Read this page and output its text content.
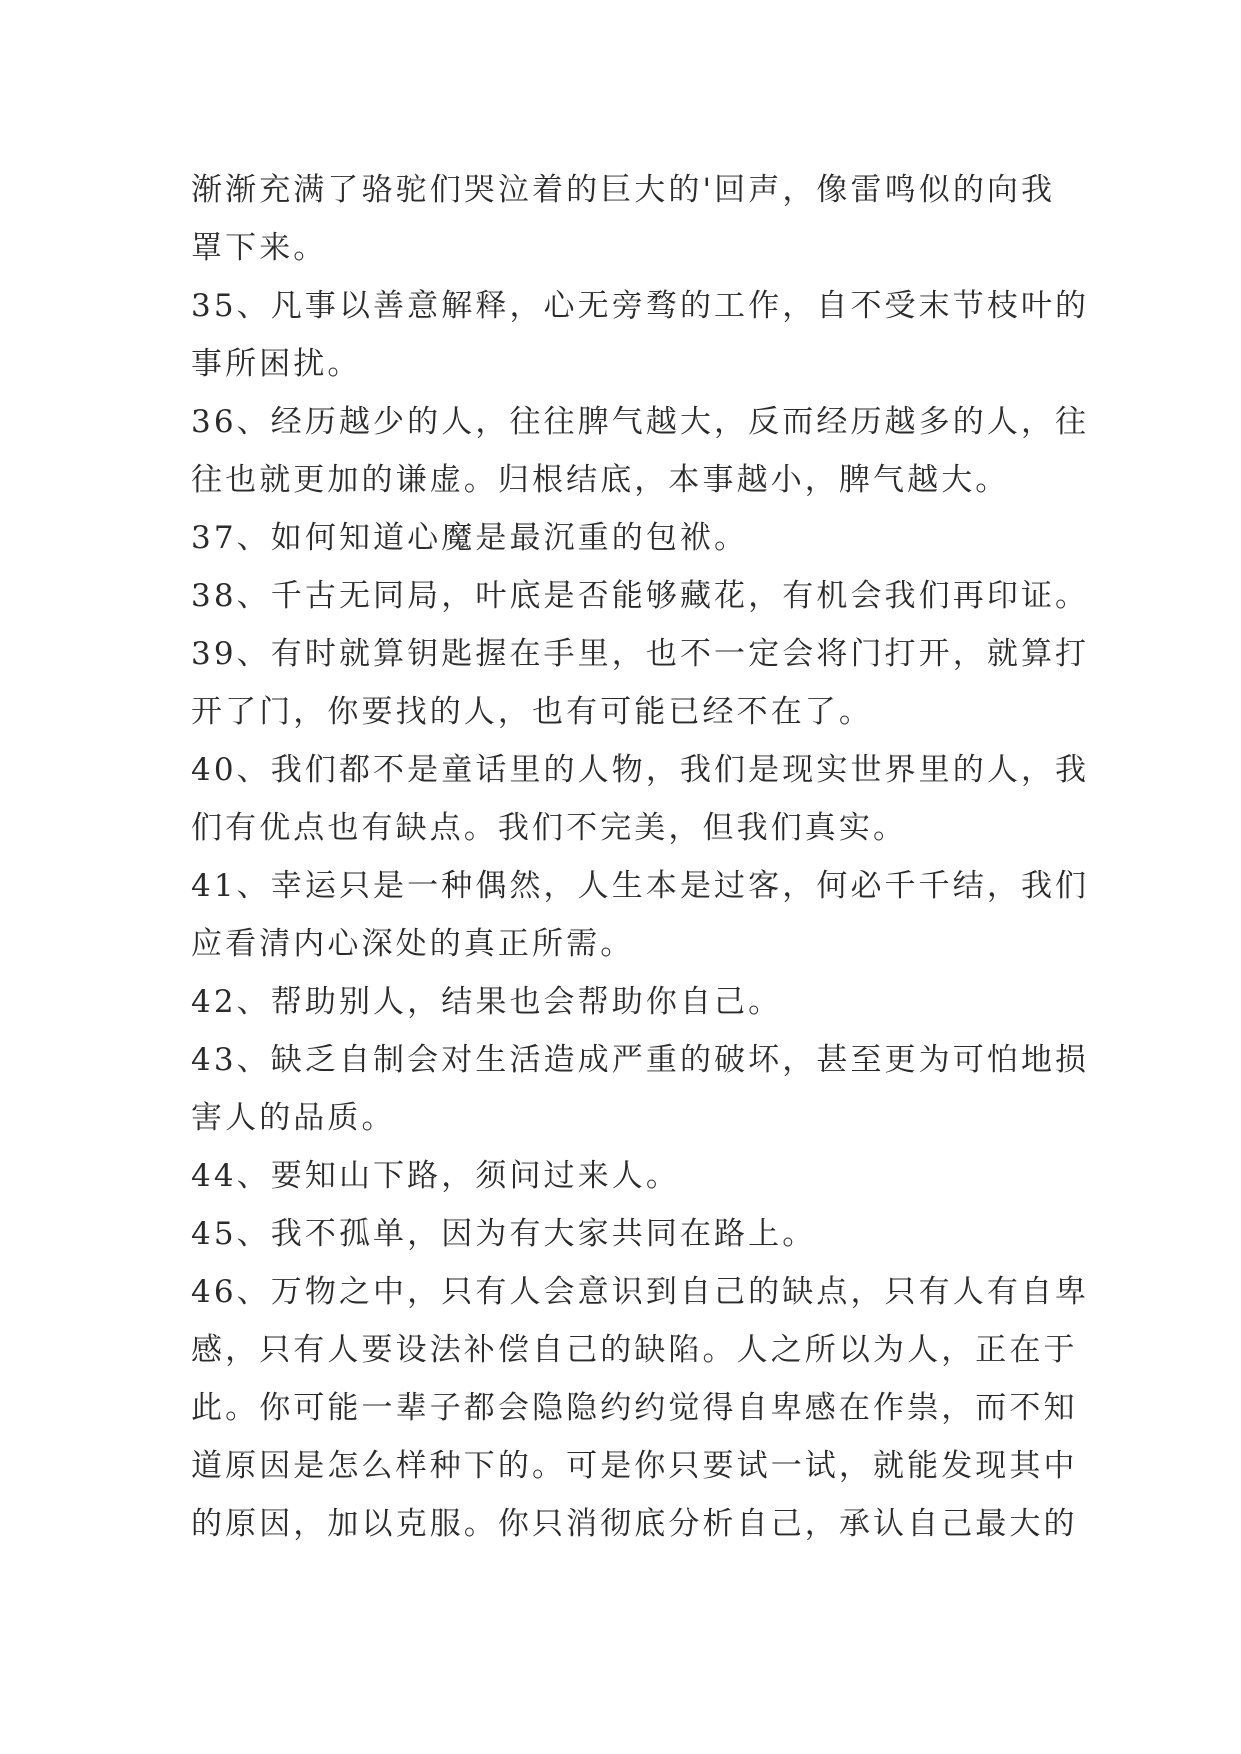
渐渐充满了骆驼们哭泣着的巨大的'回声，像雷鸣似的向我
罩下来。
35、凡事以善意解释，心无旁骛的工作，自不受末节枝叶的
事所困扰。
36、经历越少的人，往往脾气越大，反而经历越多的人，往
往也就更加的谦虚。归根结底，本事越小，脾气越大。
37、如何知道心魔是最沉重的包袱。
38、千古无同局，叶底是否能够藏花，有机会我们再印证。
39、有时就算钥匙握在手里，也不一定会将门打开，就算打
开了门，你要找的人，也有可能已经不在了。
40、我们都不是童话里的人物，我们是现实世界里的人，我
们有优点也有缺点。我们不完美，但我们真实。
41、幸运只是一种偶然，人生本是过客，何必千千结，我们
应看清内心深处的真正所需。
42、帮助别人，结果也会帮助你自己。
43、缺乏自制会对生活造成严重的破坏，甚至更为可怕地损
害人的品质。
44、要知山下路，须问过来人。
45、我不孤单，因为有大家共同在路上。
46、万物之中，只有人会意识到自己的缺点，只有人有自卑
感，只有人要设法补偿自己的缺陷。人之所以为人，正在于
此。你可能一辈子都会隐隐约约觉得自卑感在作祟，而不知
道原因是怎么样种下的。可是你只要试一试，就能发现其中
的原因，加以克服。你只消彻底分析自己，承认自己最大的
